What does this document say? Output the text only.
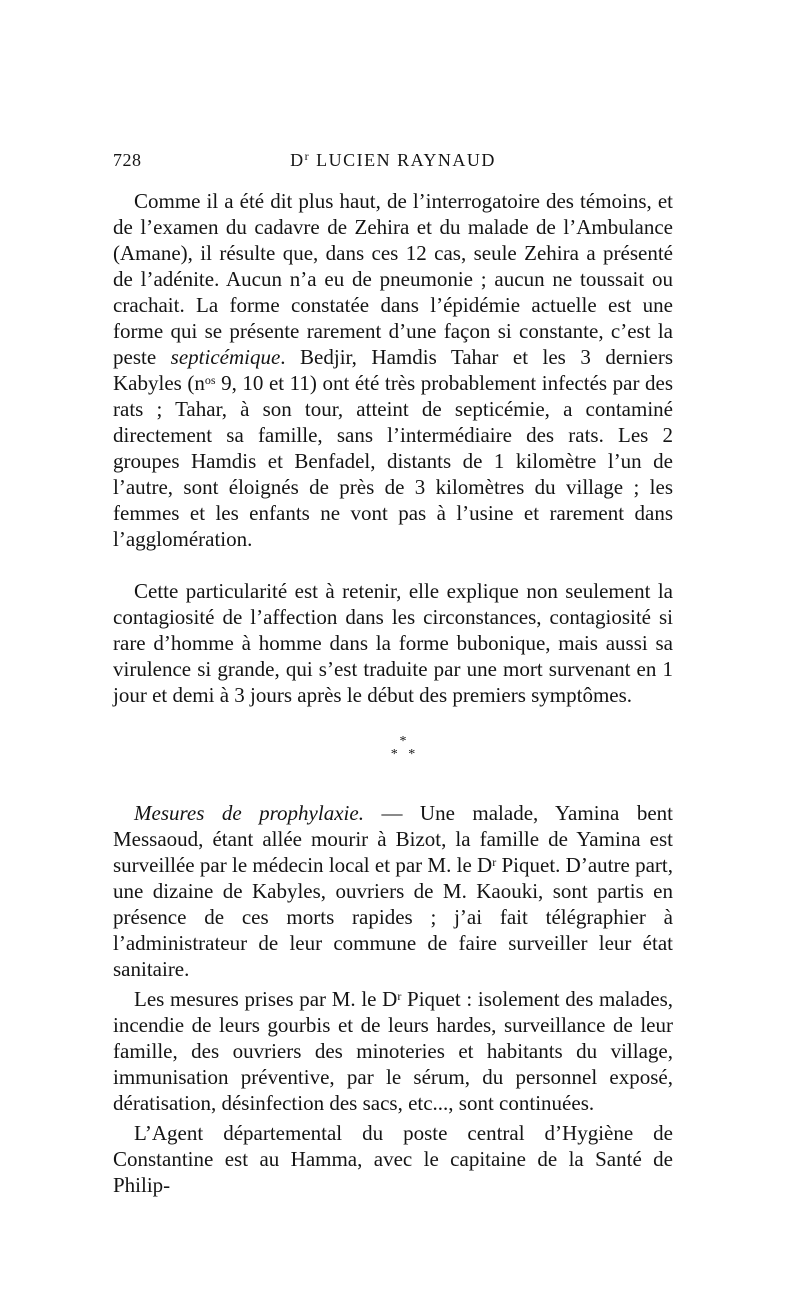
728	$D^r$ LUCIEN RAYNAUD

Comme il a été dit plus haut, de l’interrogatoire des témoins, et de l’examen du cadavre de Zehira et du malade de l’Ambulance (Amane), il résulte que, dans ces 12 cas, seule Zehira a présenté de l’adénite. Aucun n’a eu de pneumonie ; aucun ne toussait ou crachait. La forme constatée dans l’épidémie actuelle est une forme qui se présente rarement d’une façon si constante, c’est la peste septicémique. Bedjir, Hamdis Tahar et les 3 derniers Kabyles ($n^{os}$ 9, 10 et 11) ont été très probablement infectés par des rats ; Tahar, à son tour, atteint de septicémie, a contaminé directement sa famille, sans l’intermédiaire des rats. Les 2 groupes Hamdis et Benfadel, distants de 1 kilomètre l’un de l’autre, sont éloignés de près de 3 kilomètres du village ; les femmes et les enfants ne vont pas à l’usine et rarement dans l’agglomération.

Cette particularité est à retenir, elle explique non seulement la contagiosité de l’affection dans les circonstances, contagiosité si rare d’homme à homme dans la forme bubonique, mais aussi sa virulence si grande, qui s’est traduite par une mort survenant en 1 jour et demi à 3 jours après le début des premiers symptômes.

*
*   *

Mesures de prophylaxie. — Une malade, Yamina bent Messaoud, étant allée mourir à Bizot, la famille de Yamina est surveillée par le médecin local et par M. le $D^r$ Piquet. D’autre part, une dizaine de Kabyles, ouvriers de M. Kaouki, sont partis en présence de ces morts rapides ; j’ai fait télégraphier à l’administrateur de leur commune de faire surveiller leur état sanitaire.

Les mesures prises par M. le $D^r$ Piquet : isolement des malades, incendie de leurs gourbis et de leurs hardes, surveillance de leur famille, des ouvriers des minoteries et habitants du village, immunisation préventive, par le sérum, du personnel exposé, dératisation, désinfection des sacs, etc..., sont continuées.

L’Agent départemental du poste central d’Hygiène de Constantine est au Hamma, avec le capitaine de la Santé de Philip-
